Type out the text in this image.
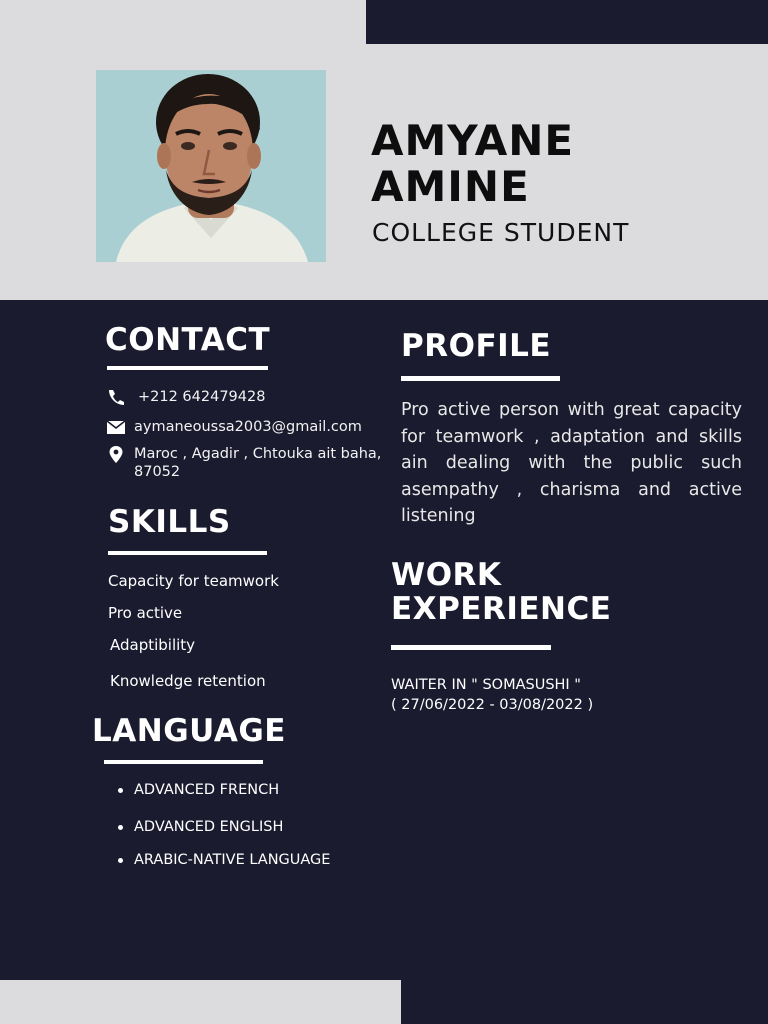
AMYANE
AMINE
COLLEGE STUDENT
CONTACT
+212 642479428
aymaneoussa2003@gmail.com
Maroc , Agadir , Chtouka ait baha,
87052
SKILLS
Capacity for teamwork
Pro active
Adaptibility
Knowledge retention
LANGUAGE
ADVANCED FRENCH
ADVANCED ENGLISH
ARABIC-NATIVE LANGUAGE
PROFILE
Pro active person with great capacity for teamwork , adaptation and skills ain dealing with the public such asempathy , charisma and active listening
WORK
EXPERIENCE
WAITER IN " SOMASUSHI "
( 27/06/2022 - 03/08/2022 )
